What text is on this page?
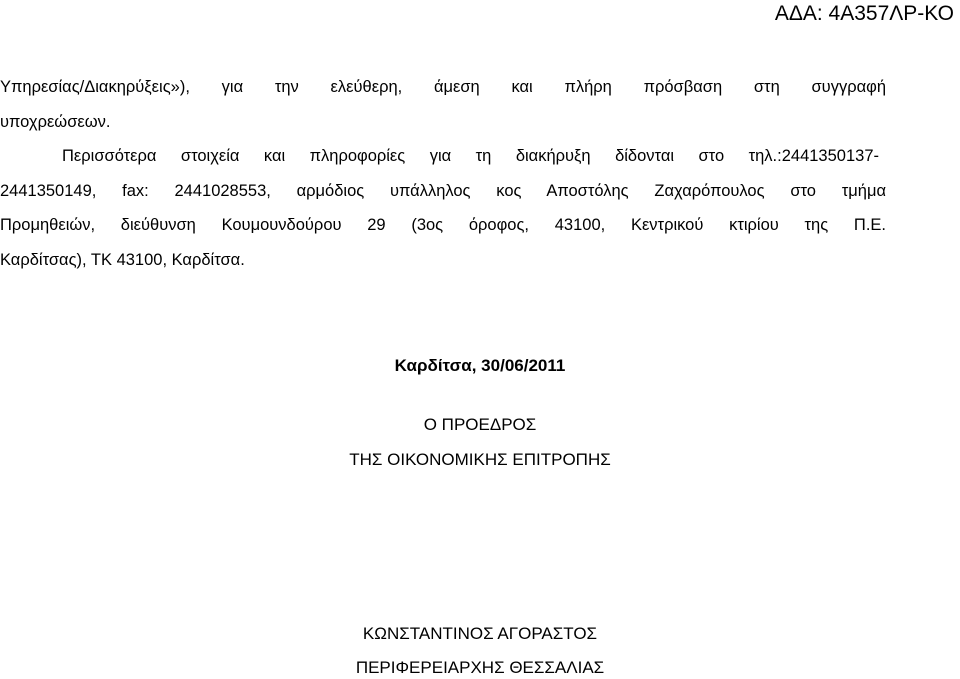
ΑΔΑ: 4Α357ΛΡ-ΚΟ
Υπηρεσίας/Διακηρύξεις»), για την ελεύθερη, άμεση και πλήρη πρόσβαση στη συγγραφή
υποχρεώσεων.
Περισσότερα στοιχεία και πληροφορίες για τη διακήρυξη δίδονται στο τηλ.:2441350137-
2441350149, fax: 2441028553, αρμόδιος υπάλληλος κος Αποστόλης Ζαχαρόπουλος στο τμήμα
Προμηθειών, διεύθυνση Κουμουνδούρου 29 (3ος όροφος, 43100, Κεντρικού κτιρίου της Π.Ε.
Καρδίτσας), ΤΚ 43100, Καρδίτσα.
Καρδίτσα, 30/06/2011
Ο ΠΡΟΕΔΡΟΣ
ΤΗΣ ΟΙΚΟΝΟΜΙΚΗΣ ΕΠΙΤΡΟΠΗΣ
ΚΩΝΣΤΑΝΤΙΝΟΣ ΑΓΟΡΑΣΤΟΣ
ΠΕΡΙΦΕΡΕΙΑΡΧΗΣ ΘΕΣΣΑΛΙΑΣ
